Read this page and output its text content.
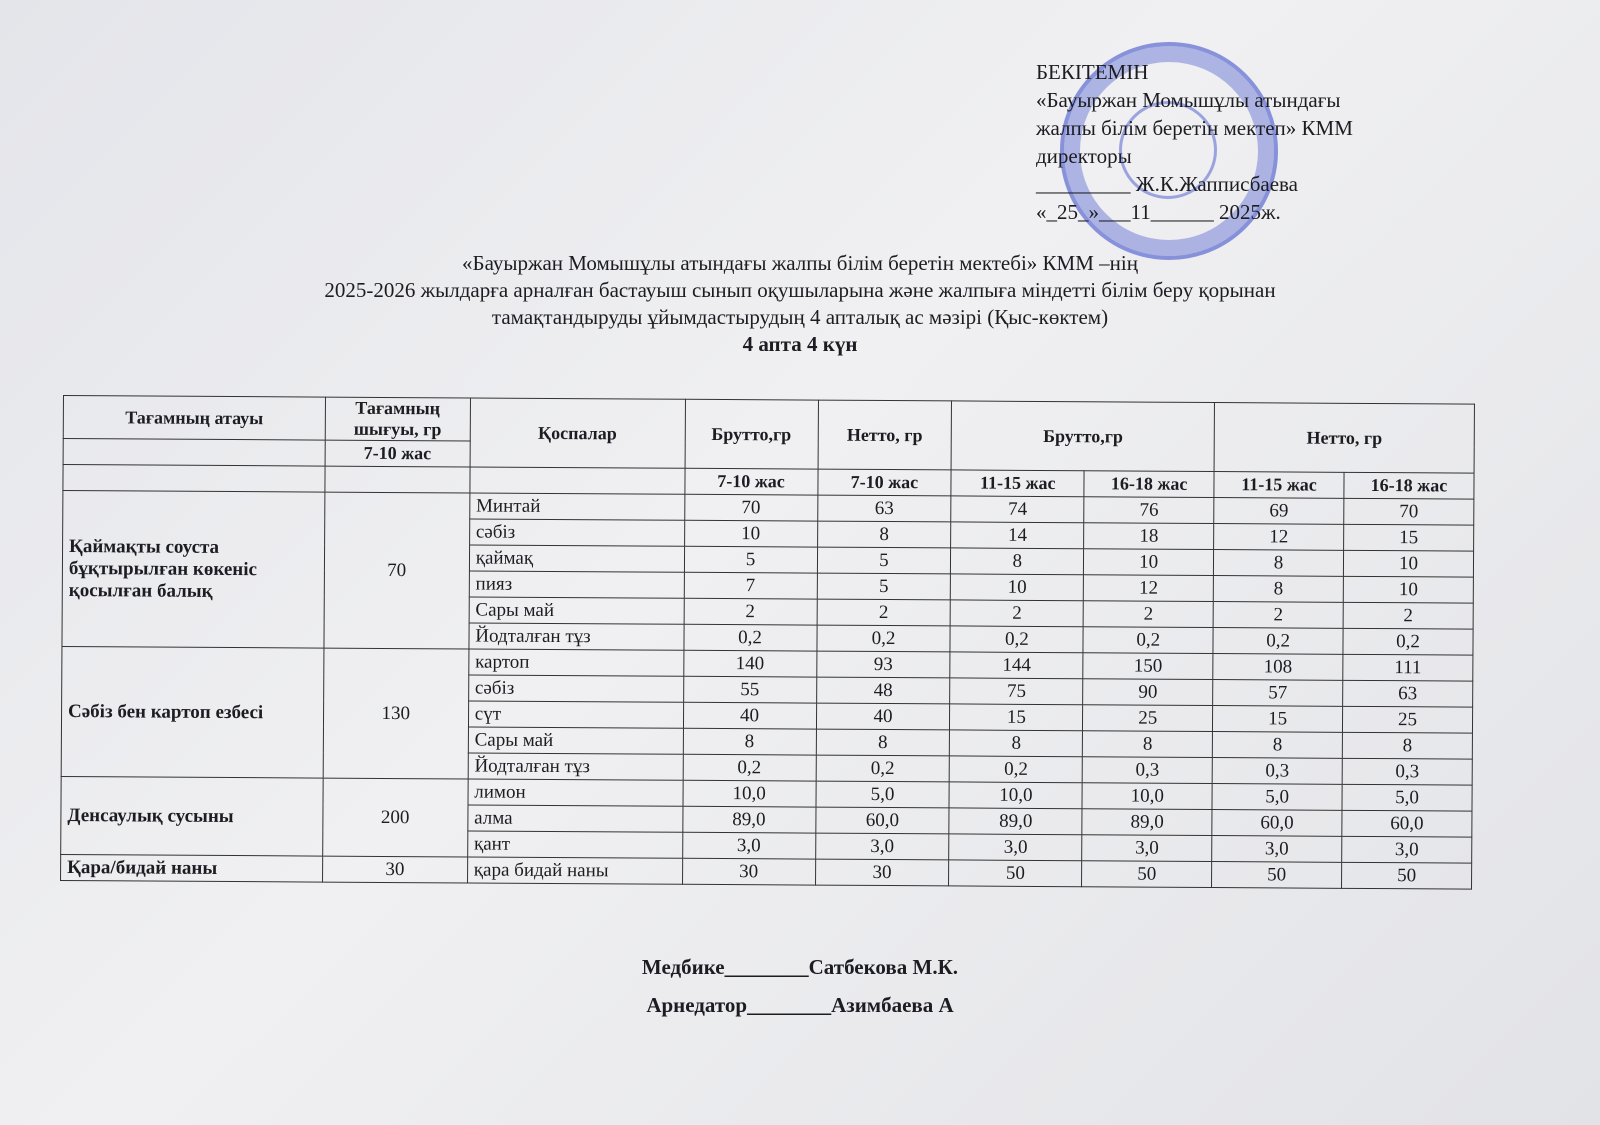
БЕКІТЕМІН
«Бауыржан Момышұлы атындағы
жалпы білім беретін мектеп» КММ
директоры
_________ Ж.К.Жапписбаева
«_25_»___11______ 2025ж.
«Бауыржан Момышұлы атындағы жалпы білім беретін мектебі» КММ –нің
2025-2026 жылдарға арналған бастауыш сынып оқушыларына және жалпыға міндетті білім беру қорынан
тамақтандыруды ұйымдастырудың 4 апталық ас мәзірі (Қыс-көктем)
4 апта 4 күн
Тағамның атауы	Тағамның шығуы, гр	Қоспалар	Брутто,гр	Нетто, гр	Брутто,гр		Нетто, гр	
	7-10 жас							
			7-10 жас	7-10 жас	11-15 жас	16-18 жас	11-15 жас	16-18 жас
Қаймақты соуста бұқтырылған көкеніс қосылған балық	70	Минтай	70	63	74	76	69	70
		сәбіз	10	8	14	18	12	15
		қаймақ	5	5	8	10	8	10
		пияз	7	5	10	12	8	10
		Сары май	2	2	2	2	2	2
		Йодталған тұз	0,2	0,2	0,2	0,2	0,2	0,2
Сәбіз бен картоп езбесі	130	картоп	140	93	144	150	108	111
		сәбіз	55	48	75	90	57	63
		сүт	40	40	15	25	15	25
		Сары май	8	8	8	8	8	8
		Йодталған тұз	0,2	0,2	0,2	0,3	0,3	0,3
Денсаулық сусыны	200	лимон	10,0	5,0	10,0	10,0	5,0	5,0
		алма	89,0	60,0	89,0	89,0	60,0	60,0
		қант	3,0	3,0	3,0	3,0	3,0	3,0
Қара/бидай наны	30	қара бидай наны	30	30	50	50	50	50
Медбике________Сатбекова М.К.
Арнедатор________Азимбаева А
